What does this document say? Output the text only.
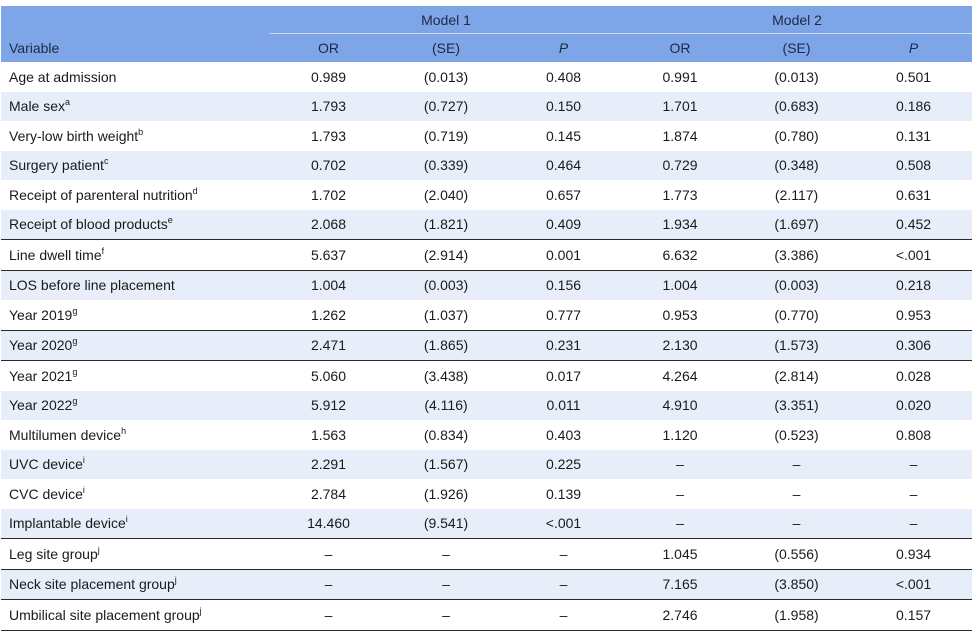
Variable	Model 1			Model 2		
	OR	(SE)	P	OR	(SE)	P
Age at admission	0.989	(0.013)	0.408	0.991	(0.013)	0.501
Male sex$^a$	1.793	(0.727)	0.150	1.701	(0.683)	0.186
Very-low birth weight$^b$	1.793	(0.719)	0.145	1.874	(0.780)	0.131
Surgery patient$^c$	0.702	(0.339)	0.464	0.729	(0.348)	0.508
Receipt of parenteral nutrition$^d$	1.702	(2.040)	0.657	1.773	(2.117)	0.631
Receipt of blood products$^e$	2.068	(1.821)	0.409	1.934	(1.697)	0.452
Line dwell time$^f$	5.637	(2.914)	0.001	6.632	(3.386)	<.001
LOS before line placement	1.004	(0.003)	0.156	1.004	(0.003)	0.218
Year 2019$^g$	1.262	(1.037)	0.777	0.953	(0.770)	0.953
Year 2020$^g$	2.471	(1.865)	0.231	2.130	(1.573)	0.306
Year 2021$^g$	5.060	(3.438)	0.017	4.264	(2.814)	0.028
Year 2022$^g$	5.912	(4.116)	0.011	4.910	(3.351)	0.020
Multilumen device$^h$	1.563	(0.834)	0.403	1.120	(0.523)	0.808
UVC device$^i$	2.291	(1.567)	0.225	–	–	–
CVC device$^i$	2.784	(1.926)	0.139	–	–	–
Implantable device$^i$	14.460	(9.541)	<.001	–	–	–
Leg site group$^j$	–	–	–	1.045	(0.556)	0.934
Neck site placement group$^j$	–	–	–	7.165	(3.850)	<.001
Umbilical site placement group$^j$	–	–	–	2.746	(1.958)	0.157
